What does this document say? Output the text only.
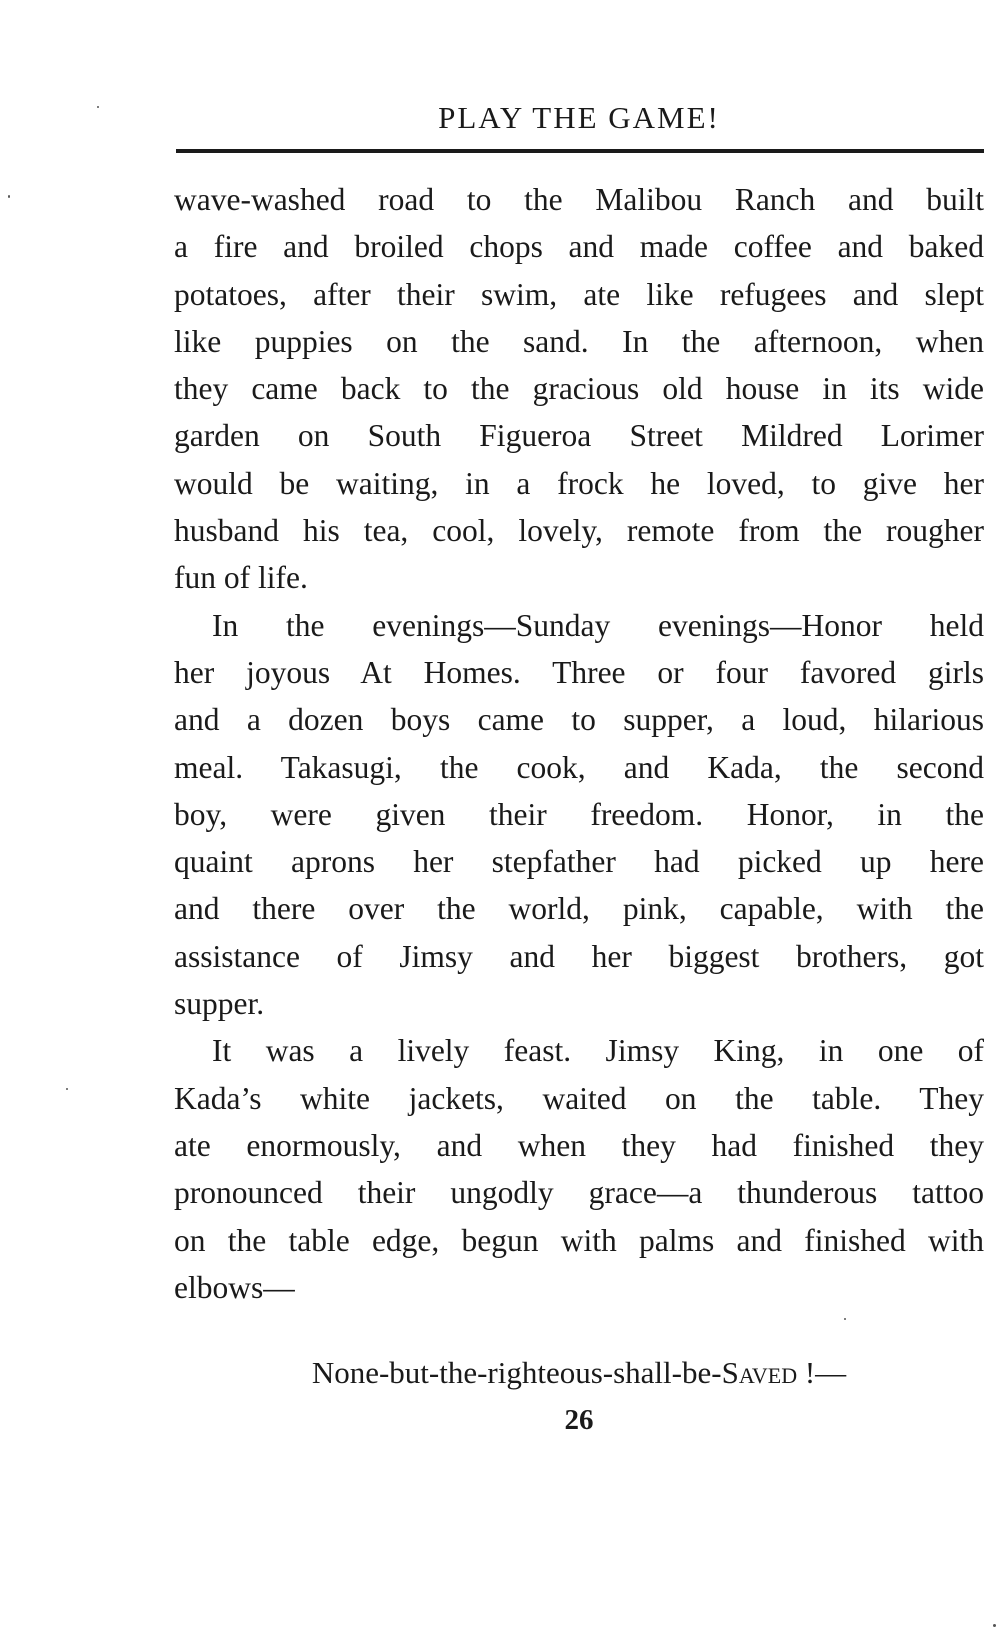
PLAY THE GAME!
wave-washed road to the Malibou Ranch and built
a fire and broiled chops and made coffee and baked
potatoes, after their swim, ate like refugees and slept
like puppies on the sand. In the afternoon, when
they came back to the gracious old house in its wide
garden on South Figueroa Street Mildred Lorimer
would be waiting, in a frock he loved, to give her
husband his tea, cool, lovely, remote from the rougher
fun of life.
In the evenings—Sunday evenings—Honor held
her joyous At Homes. Three or four favored girls
and a dozen boys came to supper, a loud, hilarious
meal. Takasugi, the cook, and Kada, the second
boy, were given their freedom. Honor, in the
quaint aprons her stepfather had picked up here
and there over the world, pink, capable, with the
assistance of Jimsy and her biggest brothers, got
supper.
It was a lively feast. Jimsy King, in one of
Kada’s white jackets, waited on the table. They
ate enormously, and when they had finished they
pronounced their ungodly grace—a thunderous tattoo
on the table edge, begun with palms and finished with
elbows—
None-but-the-righteous-shall-be-Saved !—
26
